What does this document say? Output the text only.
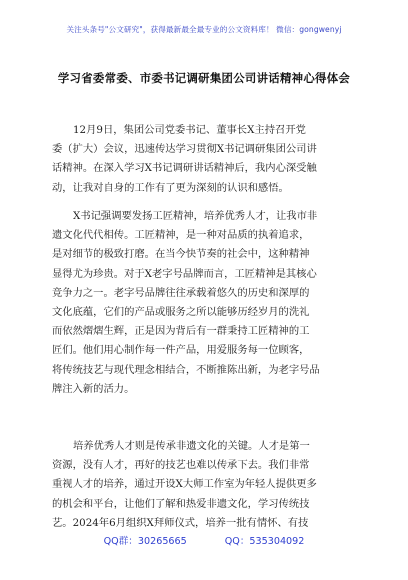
关注头条号"公文研究"，获得最新最全最专业的公文资料库！ 微信：gongwenyj
学习省委常委、市委书记调研集团公司讲话精神心得体会
12月9日，集团公司党委书记、董事长X主持召开党
委（扩大）会议，迅速传达学习贯彻X书记调研集团公司讲
话精神。在深入学习X书记调研讲话精神后，我内心深受触
动，让我对自身的工作有了更为深刻的认识和感悟。
X书记强调要发扬工匠精神，培养优秀人才，让我市非
遗文化代代相传。工匠精神，是一种对品质的执着追求，
是对细节的极致打磨。在当今快节奏的社会中，这种精神
显得尤为珍贵。对于X老字号品牌而言，工匠精神是其核心
竞争力之一。老字号品牌往往承载着悠久的历史和深厚的
文化底蕴，它们的产品或服务之所以能够历经岁月的洗礼
而依然熠熠生辉，正是因为背后有一群秉持工匠精神的工
匠们。他们用心制作每一件产品，用爱服务每一位顾客，
将传统技艺与现代理念相结合，不断推陈出新，为老字号品
牌注入新的活力。
培养优秀人才则是传承非遗文化的关键。人才是第一
资源，没有人才，再好的技艺也难以传承下去。我们非常
重视人才的培养，通过开设X大师工作室为年轻人提供更多
的机会和平台，让他们了解和热爱非遗文化，学习传统技
艺。2024年6月组织X拜师仪式，培养一批有情怀、有技
QQ群：30265665	QQ：535304092
